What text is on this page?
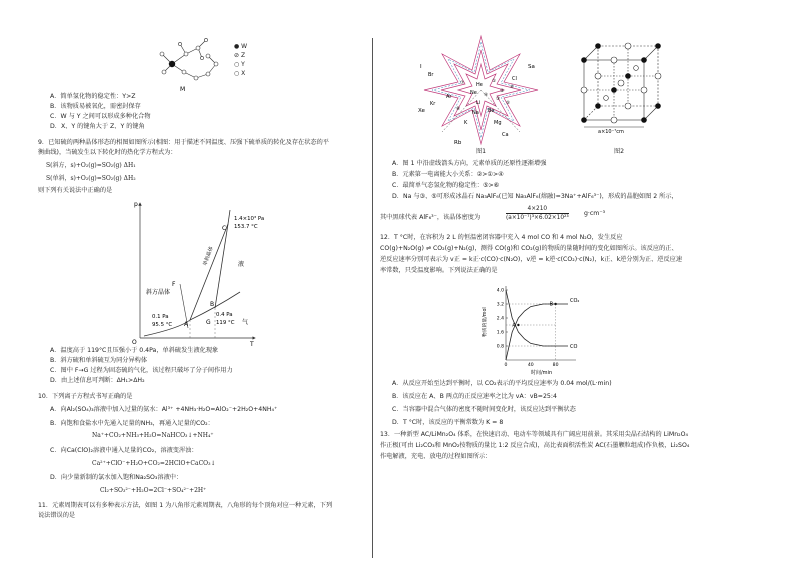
M
● W
⊘ Z
○ Y
○ X
A．简单氢化物的稳定性：Y>Z
B．该物质易被氧化，需密封保存
C．W 与 Y 之间可以形成多种化合物
D．X、Y 的键角大于 Z、Y 的键角
9．已知硫的两种晶体形态的相图如图所示(相图：用于描述不同温度、压强下硫单质的转化及存在状态的平
衡曲线)，当硫发生以下转化时的热化学方程式为：
S(斜方，s)+O₂(g)=SO₂(g) ΔH₁
S(单斜，s)+O₂(g)=SO₂(g) ΔH₂
则下列有关说法中正确的是
p
T
O
1.4×10³ Pa
153.7 °C
C
斜方晶体
单斜晶体	液
F
G
0.1 Pa
95.5 °C A
0.4 Pa
119 °C
B
气
A．温度高于 119°C且压强小于 0.4Pa，单斜硫发生液化现象
B．斜方硫和单斜硫互为同分异构体
C．图中 F→G 过程为固态硫的气化，该过程只破坏了分子间作用力
D．由上述信息可判断：ΔH₁>ΔH₂
10．下列离子方程式书写正确的是
A．向Al₂(SO₄)₃溶液中加入过量的氨水：Al³⁺ +4NH₃·H₂O=AlO₂⁻+2H₂O+4NH₄⁺
B．向饱和食盐水中先通入足量的NH₃，再通入足量的CO₂：
Na⁺+CO₂+NH₃+H₂O=NaHCO₃↓+NH₄⁺
C．向Ca(ClO)₂溶液中通入足量的CO₂，溶液变浑浊：
Ca²⁺+ClO⁻+H₂O+CO₂=2HClO+CaCO₃↓
D．向少量新制的氯水加入饱和Na₂SO₃溶液中：
Cl₂+SO₃²⁻+H₂O=2Cl⁻+SO₄²⁻+2H⁺
11．元素周期表可以有多种表示方法，如图 1 为八角形元素周期表，八角形的每个顶角对应一种元素，下列
说法错误的是
I	Sa
Br
Xe
Kr
Ar
He
Ne
Li
Na
K
Rb
Mg
Be
Ca
Cl
①
②
③
④
⑤
⑥
⑦
⑧
图1
a×10⁻⁷cm
图2
A．图 1 中沿虚线箭头方向，元素单质的还原性逐渐增强
B．元素第一电离能大小关系：②>①>④
C．最简单气态氢化物的稳定性：⑤>⑥
D．Na 与③、⑤可形成冰晶石 Na₃AlF₆(已知 Na₃AlF₆(熔融)=3Na⁺+AlF₆³⁻)，形成的晶胞如图 2 所示，
其中黑球代表 AlF₆³⁻，该晶体密度为	$\frac{4\times 210}{\text{(a×10⁻⁷)³×6.02×10²³}} g\cdot cm^{-3}$
12．T °C时，在容积为 2 L 的恒温密闭容器中充入 4 mol CO 和 4 mol N₂O，发生反应
CO(g)+N₂O(g) ⇌ CO₂(g)+N₂(g)，测得 CO(g)和 CO₂(g)的物质的量随时间的变化如图所示。该反应的正、
逆反应速率分别可表示为 v正 = k正·c(CO)·c(N₂O)，v逆 = k逆·c(CO₂)·c(N₂)，k正、k逆分别为正、逆反应速
率常数，只受温度影响。下列说法正确的是
物质的量/mol
时间/min
0.8
1.6
2.4
3.2
4.0
0	40	80
CO₂
CO
A
B
A．从反应开始至达到平衡时，以 CO₂表示的平均反应速率为 0.04 mol/(L·min)
B．该反应在 A、B 两点的正反应速率之比为 vA：vB=25:4
C．当容器中混合气体的密度不随时间变化时，该反应达到平衡状态
D．T °C时，该反应的平衡常数为 K = 8
13．一种新型 AC/LiMn₂O₄ 体系，在快速启动、电动车等领域具有广阔应用前景。其采用尖晶石结构的 LiMn₂O₄
作正极(可由 Li₂CO₃和 MnO₂按物质的量比 1:2 反应合成)，高比表面积活性炭 AC(石墨颗粒组成)作负极，Li₂SO₄
作电解液，充电、放电的过程如图所示：
